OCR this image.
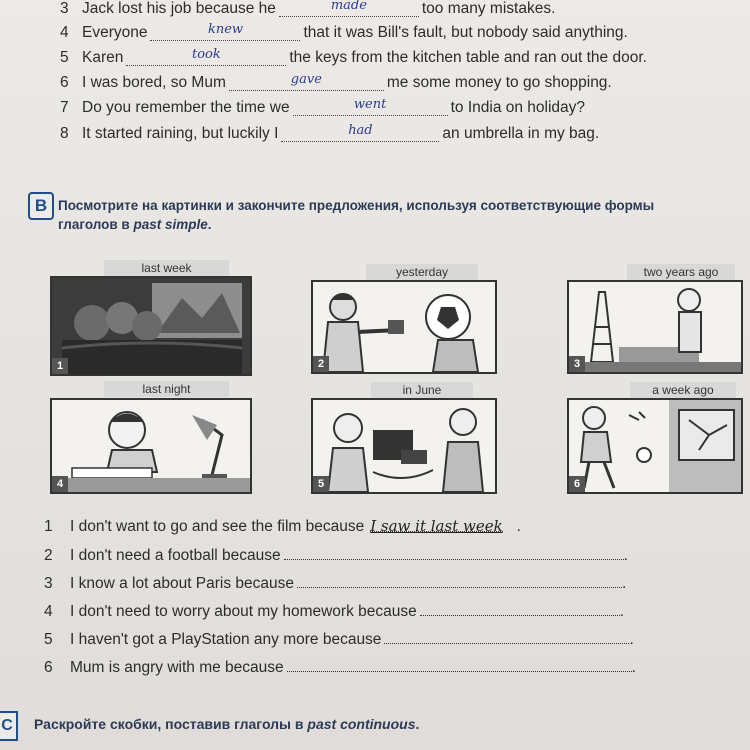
3 Jack lost his job because he	$^{made}$	too many mistakes.
4 Everyone	$^{knew}$	that it was Bill's fault, but nobody said anything.
5 Karen	$^{took}$	the keys from the kitchen table and ran out the door.
6 I was bored, so Mum	$^{gave}$	me some money to go shopping.
7 Do you remember the time we	$^{went}$	to India on holiday?
8 It started raining, but luckily I	$^{had}$	an umbrella in my bag.
B Посмотрите на картинки и закончите предложения, используя соответствующие формы глаголов в past simple.
1
last week
2
yesterday
3
two years ago
4
last night
5
in June
6
a week ago
1	I don't want to go and see the film because I saw it last week .
2	I don't need a football because	.
3	I know a lot about Paris because	.
4	I don't need to worry about my homework because	.
5	I haven't got a PlayStation any more because	.
6	Mum is angry with me because	.
C	Раскройте скобки, поставив глаголы в past continuous.
